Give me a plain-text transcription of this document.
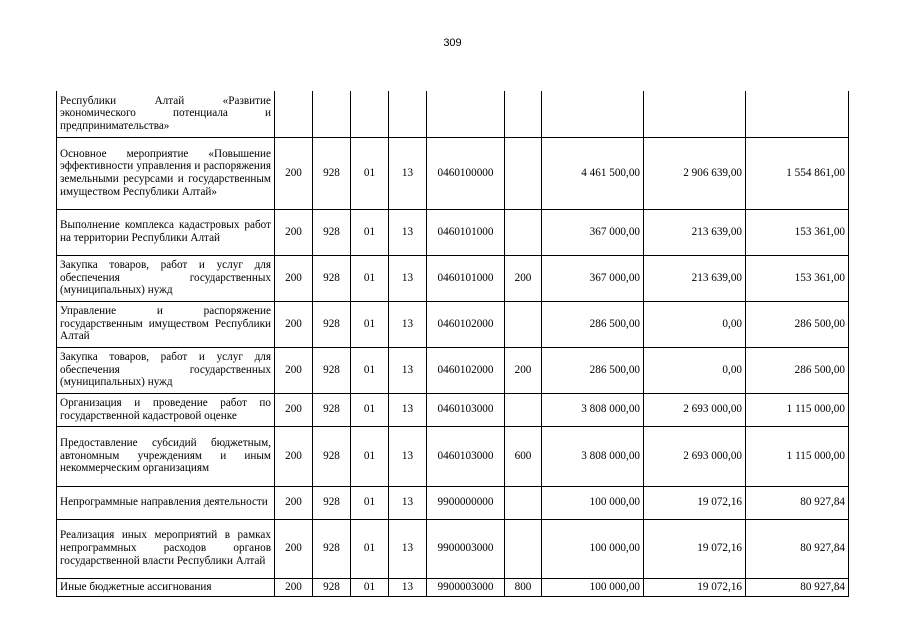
309
Республики Алтай «Развитие экономического потенциала и предпринимательства»									
Основное мероприятие «Повышение эффективности управления и распоряжения земельными ресурсами и государственным имуществом Республики Алтай»	200	928	01	13	0460100000		4 461 500,00	2 906 639,00	1 554 861,00
Выполнение комплекса кадастровых работ на территории Республики Алтай	200	928	01	13	0460101000		367 000,00	213 639,00	153 361,00
Закупка товаров, работ и услуг для обеспечения государственных (муниципальных) нужд	200	928	01	13	0460101000	200	367 000,00	213 639,00	153 361,00
Управление и распоряжение государственным имуществом Республики Алтай	200	928	01	13	0460102000		286 500,00	0,00	286 500,00
Закупка товаров, работ и услуг для обеспечения государственных (муниципальных) нужд	200	928	01	13	0460102000	200	286 500,00	0,00	286 500,00
Организация и проведение работ по государственной кадастровой оценке	200	928	01	13	0460103000		3 808 000,00	2 693 000,00	1 115 000,00
Предоставление субсидий бюджетным, автономным учреждениям и иным некоммерческим организациям	200	928	01	13	0460103000	600	3 808 000,00	2 693 000,00	1 115 000,00
Непрограммные направления деятельности	200	928	01	13	9900000000		100 000,00	19 072,16	80 927,84
Реализация иных мероприятий в рамках непрограммных расходов органов государственной власти Республики Алтай	200	928	01	13	9900003000		100 000,00	19 072,16	80 927,84
Иные бюджетные ассигнования	200	928	01	13	9900003000	800	100 000,00	19 072,16	80 927,84
